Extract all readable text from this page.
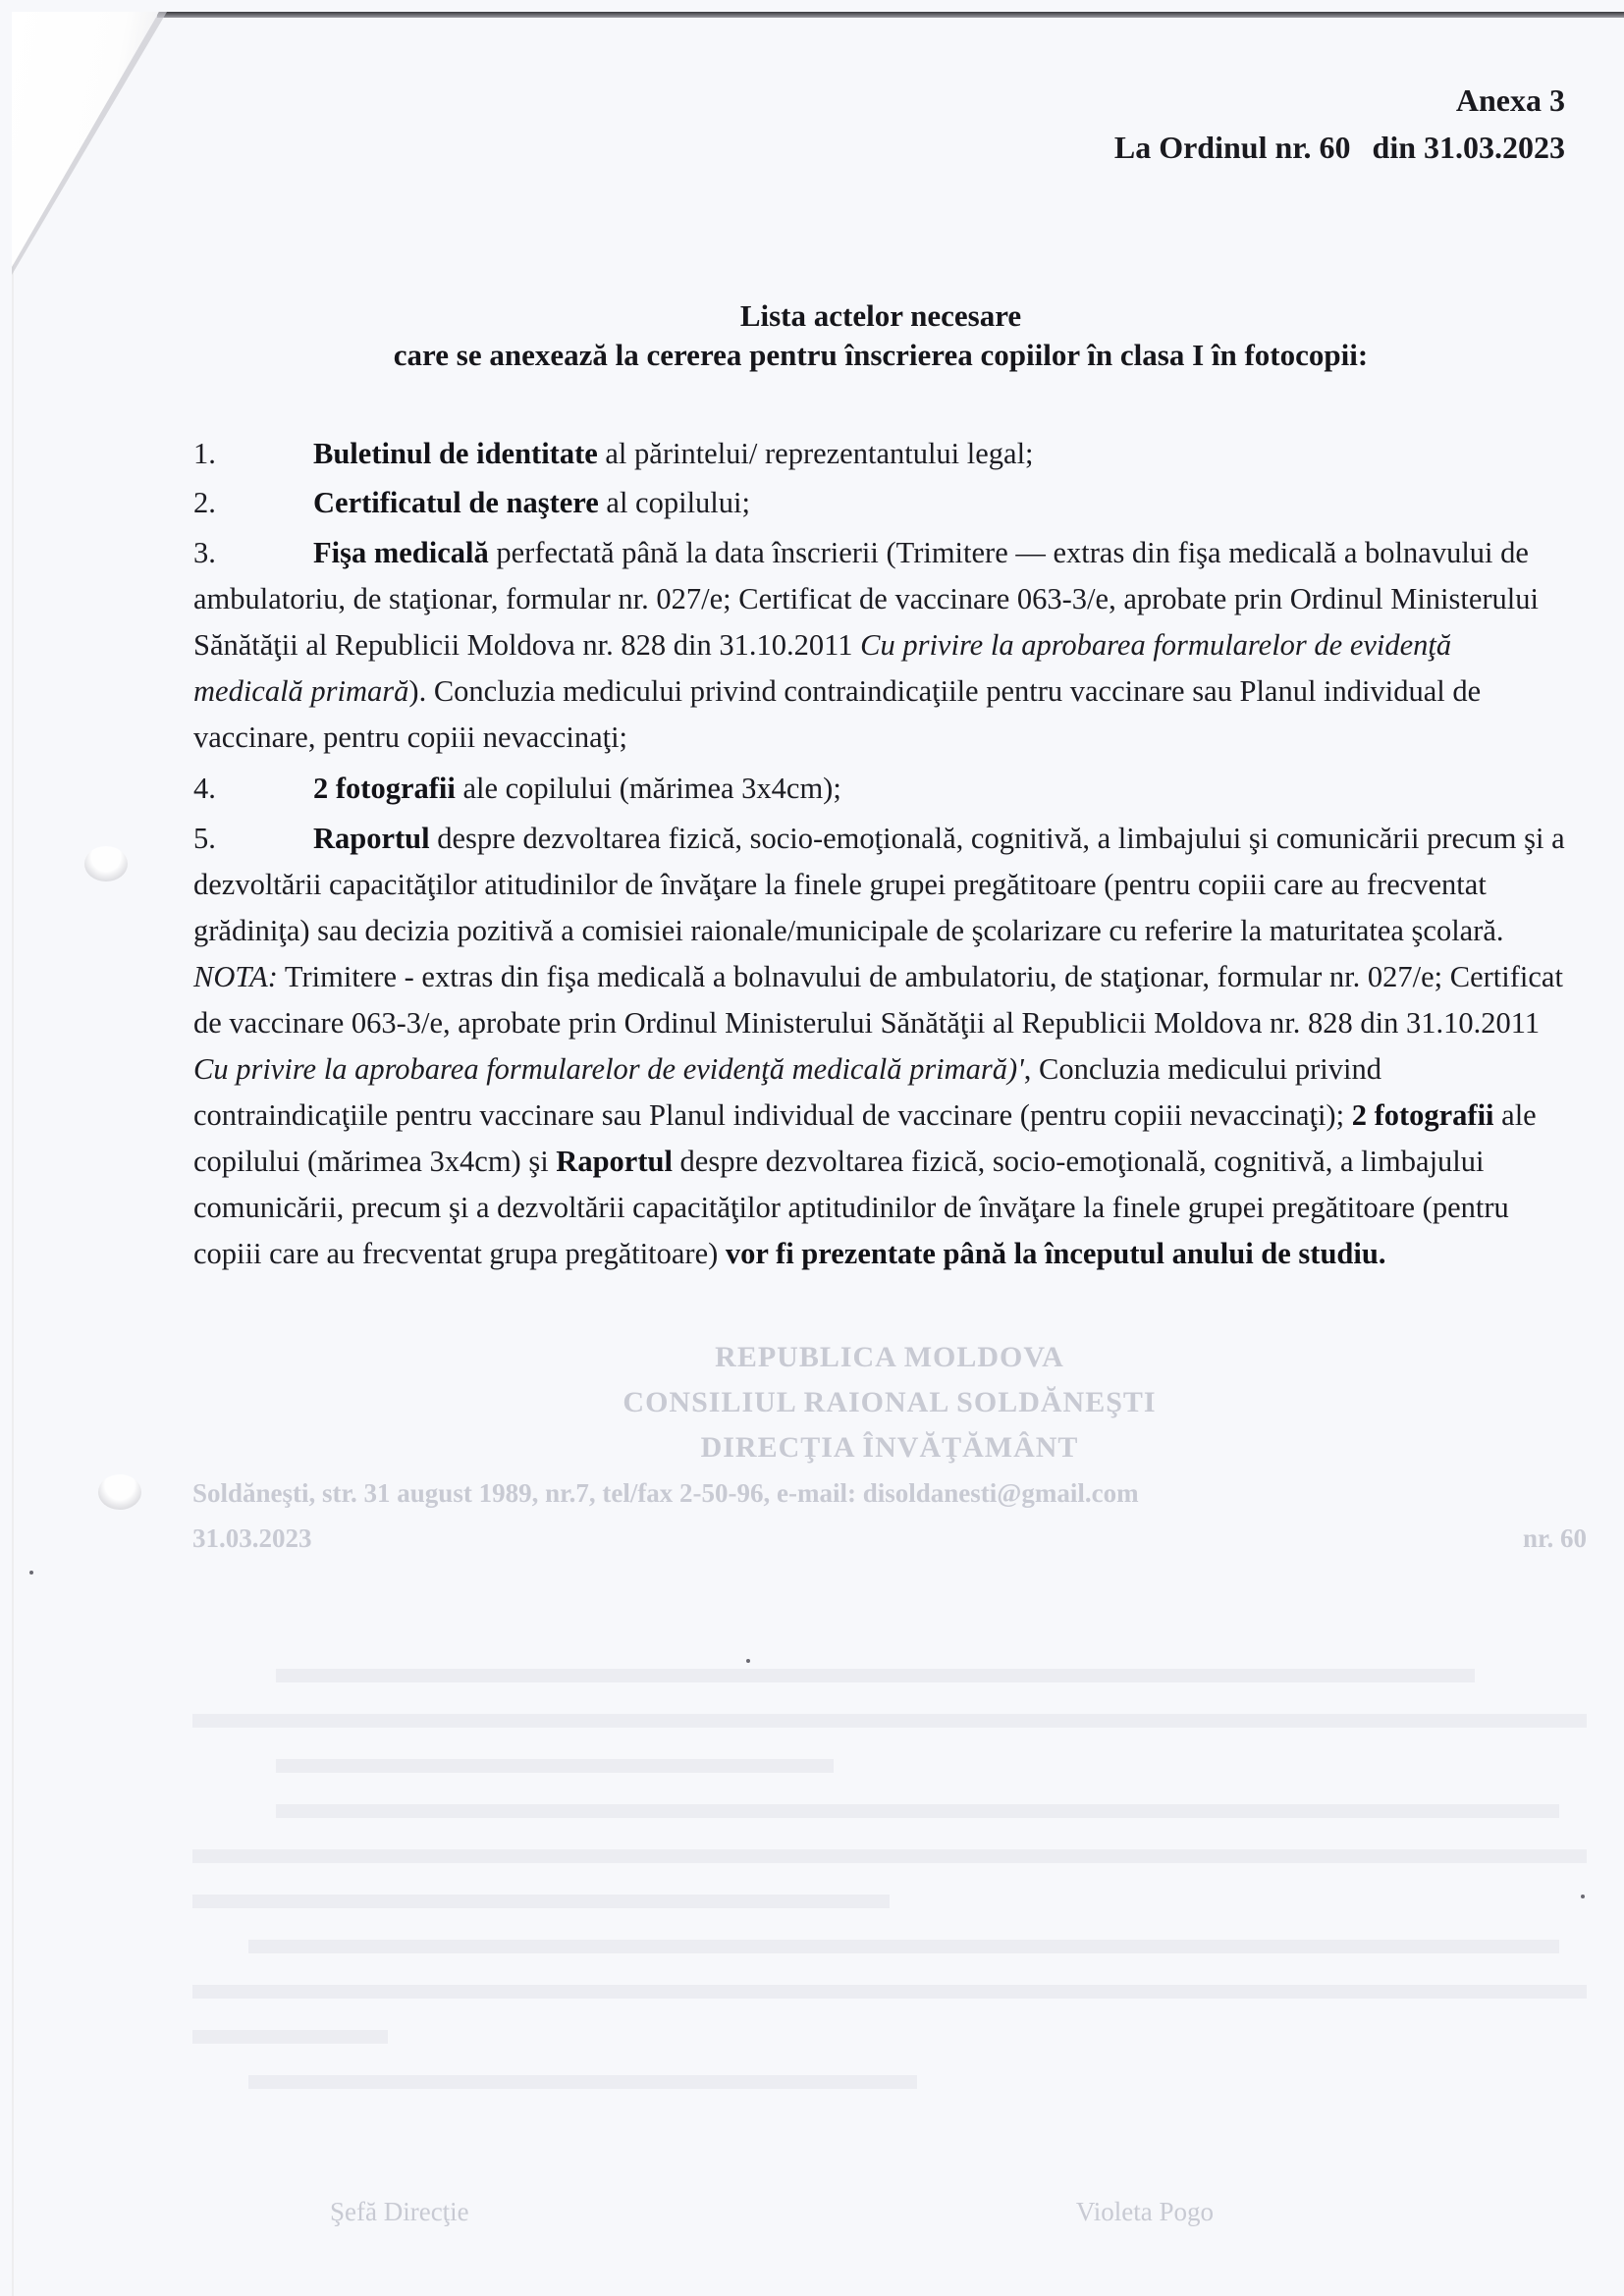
REPUBLICA MOLDOVA
CONSILIUL RAIONAL SOLDĂNEŞTI
DIRECŢIA ÎNVĂŢĂMÂNT
Soldăneşti, str. 31 august 1989, nr.7, tel/fax 2-50-96, e-mail: disoldanesti@gmail.com
31.03.2023	nr. 60
Şefă Direcţie	Violeta Pogo
Anexa 3
La Ordinul nr. 60 din 31.03.2023
Lista actelor necesare
care se anexează la cererea pentru înscrierea copiilor în clasa I în fotocopii:
1.	Buletinul de identitate al părintelui/ reprezentantului legal;
2.	Certificatul de naştere al copilului;
3.	Fişa medicală perfectată până la data înscrierii (Trimitere — extras din fişa medicală a bolnavului de ambulatoriu, de staţionar, formular nr. 027/e; Certificat de vaccinare 063-3/e, aprobate prin Ordinul Ministerului Sănătăţii al Republicii Moldova nr. 828 din 31.10.2011 Cu privire la aprobarea formularelor de evidenţă medicală primară). Concluzia medicului privind contraindicaţiile pentru vaccinare sau Planul individual de vaccinare, pentru copiii nevaccinaţi;
4.	2 fotografii ale copilului (mărimea 3x4cm);
5.	Raportul despre dezvoltarea fizică, socio-emoţională, cognitivă, a limbajului şi comunicării precum şi a dezvoltării capacităţilor atitudinilor de învăţare la finele grupei pregătitoare (pentru copiii care au frecventat grădiniţa) sau decizia pozitivă a comisiei raionale/municipale de şcolarizare cu referire la maturitatea şcolară.
NOTA: Trimitere - extras din fişa medicală a bolnavului de ambulatoriu, de staţionar, formular nr. 027/e; Certificat de vaccinare 063-3/e, aprobate prin Ordinul Ministerului Sănătăţii al Republicii Moldova nr. 828 din 31.10.2011 Cu privire la aprobarea formularelor de evidenţă medicală primară)', Concluzia medicului privind contraindicaţiile pentru vaccinare sau Planul individual de vaccinare (pentru copiii nevaccinaţi); 2 fotografii ale copilului (mărimea 3x4cm) şi Raportul despre dezvoltarea fizică, socio-emoţională, cognitivă, a limbajului comunicării, precum şi a dezvoltării capacităţilor aptitudinilor de învăţare la finele grupei pregătitoare (pentru copiii care au frecventat grupa pregătitoare) vor fi prezentate până la începutul anului de studiu.
